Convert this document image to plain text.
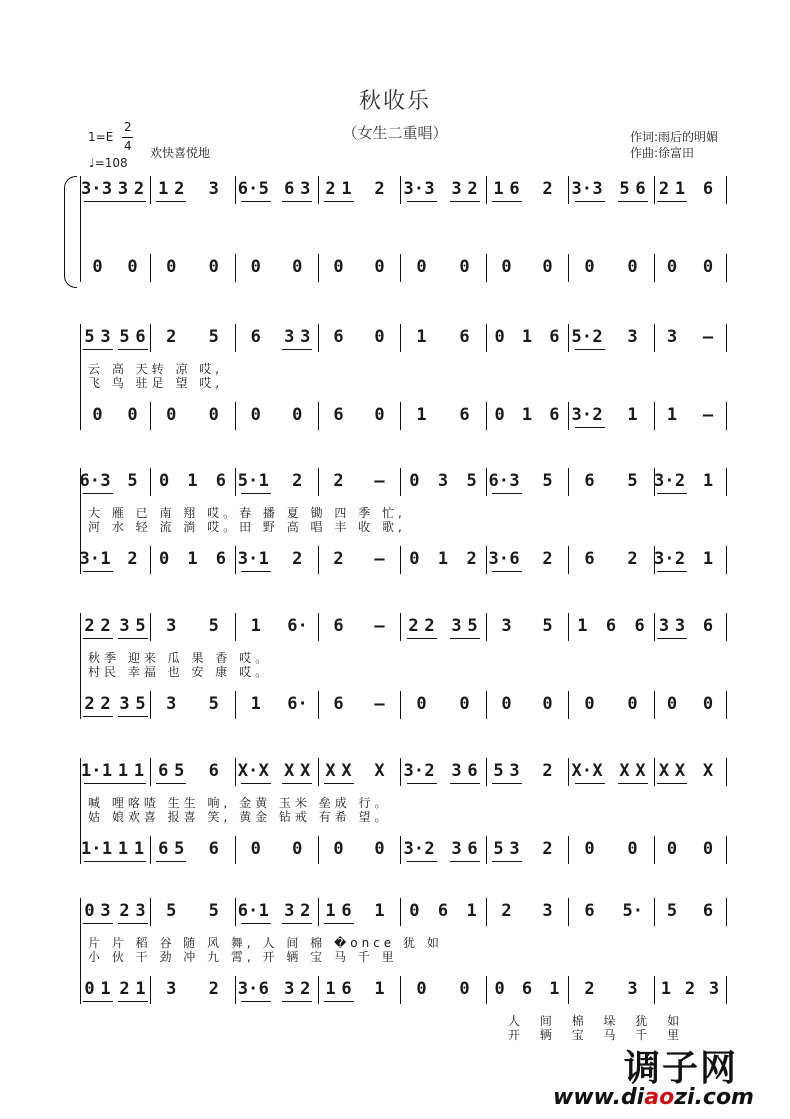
秋收乐
（女生二重唱）
1=E
2
4 欢快喜悦地
♩=108
作词:雨后的明媚
作曲:徐富田
3· 3 3 2 1 2 3 6· 5 6 3 2 1 2 3· 3 3 2 1 6 2 3· 3 5 6 2 1 6
0 0 0 0 0 0 0 0 0 0 0 0 0 0 0 0
5 3 5 6 2 5 6 3 3 6 0 1 6 0 1 6 5· 2 3 3 –
0 0 0 0 0 0 6 0 1 6 0 1 6 3· 2 1 1 –
云 高 天转 凉 哎,
飞 鸟 驻足 望 哎,
6· 3 5 0 1 6 5· 1 2 2 – 0 3 5 6· 3 5 6 5 3· 2 1
3· 1 2 0 1 6 3· 1 2 2 – 0 1 2 3· 6 2 6 2 3· 2 1
大 雁 已 南 翔 哎。春 播 夏 锄 四 季 忙,
河 水 轻 流 淌 哎。田 野 高 唱 丰 收 歌,
2 2 3 5 3 5 1 6· 6 – 2 2 3 5 3 5 1 6 6 3 3 6
2 2 3 5 3 5 1 6· 6 – 0 0 0 0 0 0 0 0
秋季 迎来 瓜 果 香 哎。
村民 幸福 也 安 康 哎。
1· 1 1 1 6 5 6 X· X X X X X X 3· 2 3 6 5 3 2 X· X X X X X X
1· 1 1 1 6 5 6 0 0 0 0 3· 2 3 6 5 3 2 0 0 0 0
喊 哩喀喳 生生 响, 金黄 玉米 垒成 行。
姑 娘欢喜 报喜 笑, 黄金 钻戒 有希 望。
0 3 2 3 5 5 6· 1 3 2 1 6 1 0 6 1 2 3 6 5· 5 6
0 1 2 1 3 2 3· 6 3 2 1 6 1 0 0 0 6 1 2 3 1 2 3
片 片 稻 谷 随 风 舞, 人 间 棉 �once 犹 如
小 伙 干 劲 冲 九 霄, 开 辆 宝 马 千 里
人 间 棉 垛 犹 如
开 辆 宝 马 千 里
调子网
www.diaozi.com
